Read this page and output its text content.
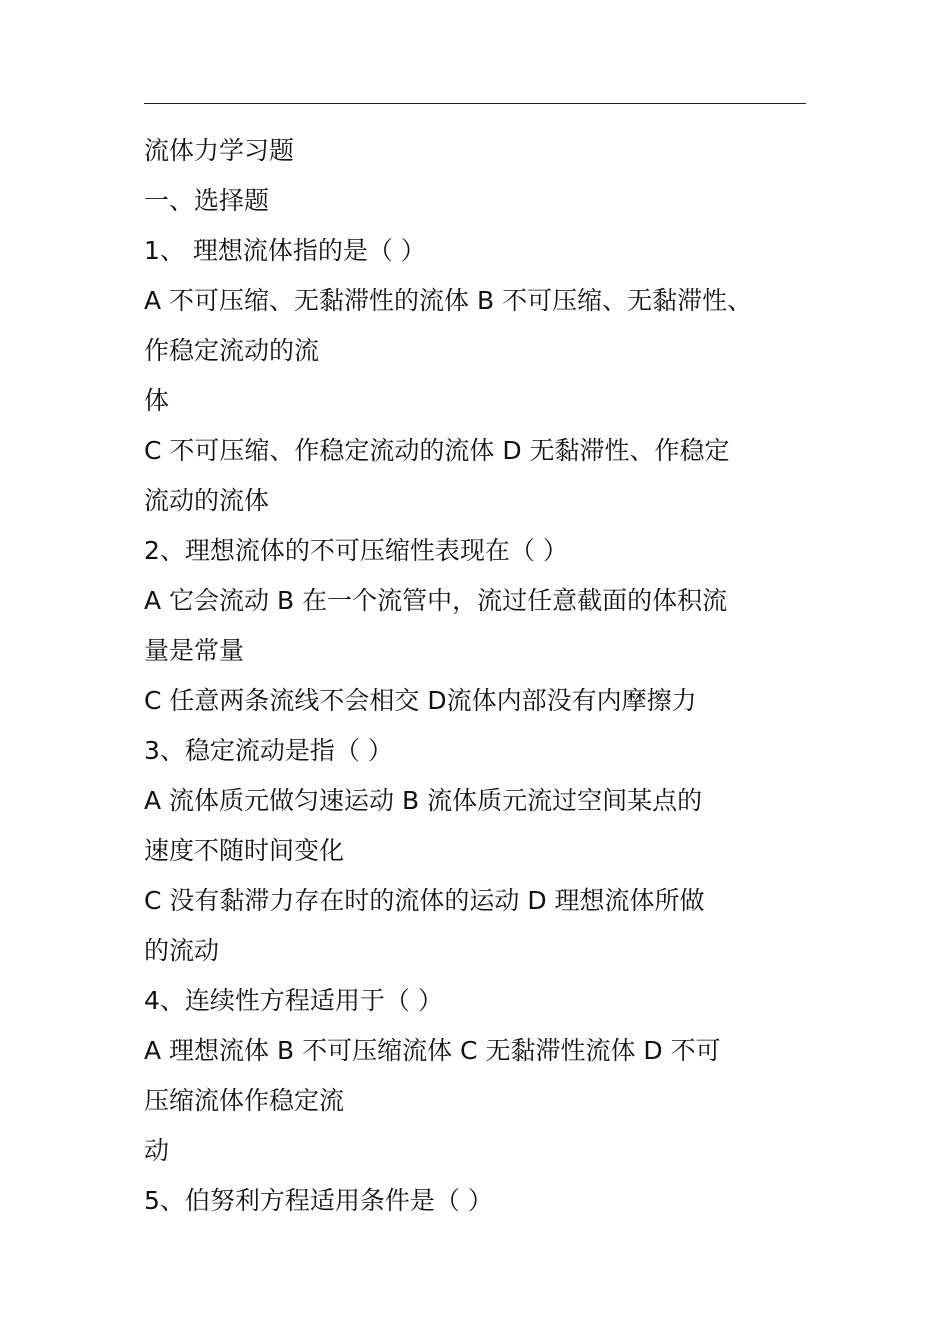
流体力学习题
一、选择题
1、 理想流体指的是（ ）
A 不可压缩、无黏滞性的流体 B 不可压缩、无黏滞性、
作稳定流动的流
体
C 不可压缩、作稳定流动的流体 D 无黏滞性、作稳定
流动的流体
2、理想流体的不可压缩性表现在（ ）
A 它会流动 B 在一个流管中，流过任意截面的体积流
量是常量
C 任意两条流线不会相交 D流体内部没有内摩擦力
3、稳定流动是指（ ）
A 流体质元做匀速运动 B 流体质元流过空间某点的
速度不随时间变化
C 没有黏滞力存在时的流体的运动 D 理想流体所做
的流动
4、连续性方程适用于（ ）
A 理想流体 B 不可压缩流体 C 无黏滞性流体 D 不可
压缩流体作稳定流
动
5、伯努利方程适用条件是（ ）
